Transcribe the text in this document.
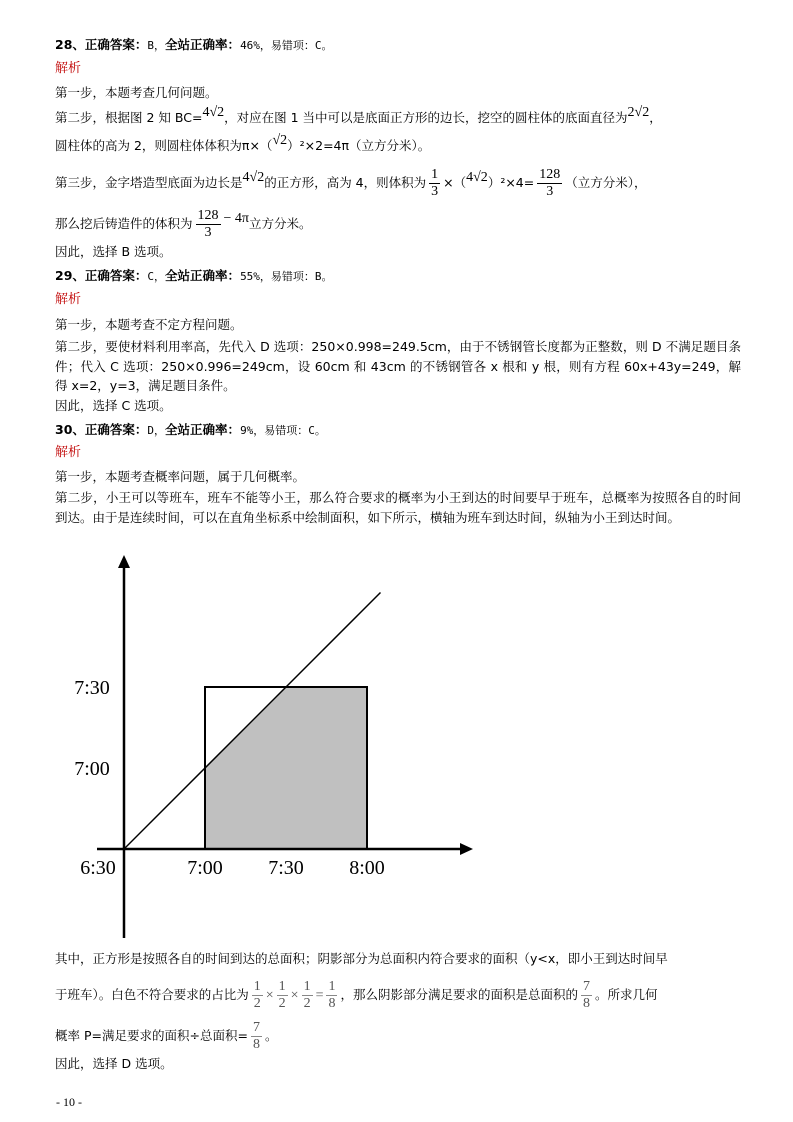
28、正确答案：B，全站正确率：46%，易错项：C。
解析
第一步，本题考查几何问题。
第二步，根据图 2 知 BC=4√2，对应在图 1 当中可以是底面正方形的边长，挖空的圆柱体的底面直径为2√2，
圆柱体的高为 2，则圆柱体体积为π×（√2）²×2=4π（立方分米）。
第三步，金字塔造型底面为边长是4√2的正方形，高为 4，则体积为 $\frac{1}{3} \times(4√2)^2\times 4= \frac{128}{3}$ （立方分米），
那么挖后铸造件的体积为 $\frac{128}{3} - 4\pi$立方分米。
因此，选择 B 选项。
29、正确答案：C，全站正确率：55%，易错项：B。
解析
第一步，本题考查不定方程问题。
第二步，要使材料利用率高，先代入 D 选项：250×0.998=249.5cm，由于不锈钢管长度都为正整数，则 D 不满足题目条件；代入 C 选项：250×0.996=249cm，设 60cm 和 43cm 的不锈钢管各 x 根和 y 根，则有方程 60x+43y=249，解得 x=2，y=3，满足题目条件。
因此，选择 C 选项。
30、正确答案：D，全站正确率：9%，易错项：C。
解析
第一步，本题考查概率问题，属于几何概率。
第二步，小王可以等班车，班车不能等小王，那么符合要求的概率为小王到达的时间要早于班车，总概率为按照各自的时间到达。由于是连续时间，可以在直角坐标系中绘制面积，如下所示，横轴为班车到达时间，纵轴为小王到达时间。
6:30	7:00 7:30 8:00
7:00
7:30
其中，正方形是按照各自的时间到达的总面积；阴影部分为总面积内符合要求的面积（y<x，即小王到达时间早
于班车）。白色不符合要求的占比为 $\frac{1}{2} \times \frac{1}{2} \times \frac{1}{2} = \frac{1}{8}$ ，那么阴影部分满足要求的面积是总面积的 $\frac{7}{8}$ 。所求几何
概率 P=满足要求的面积÷总面积= $\frac{7}{8}$ 。
因此，选择 D 选项。
- 10 -
